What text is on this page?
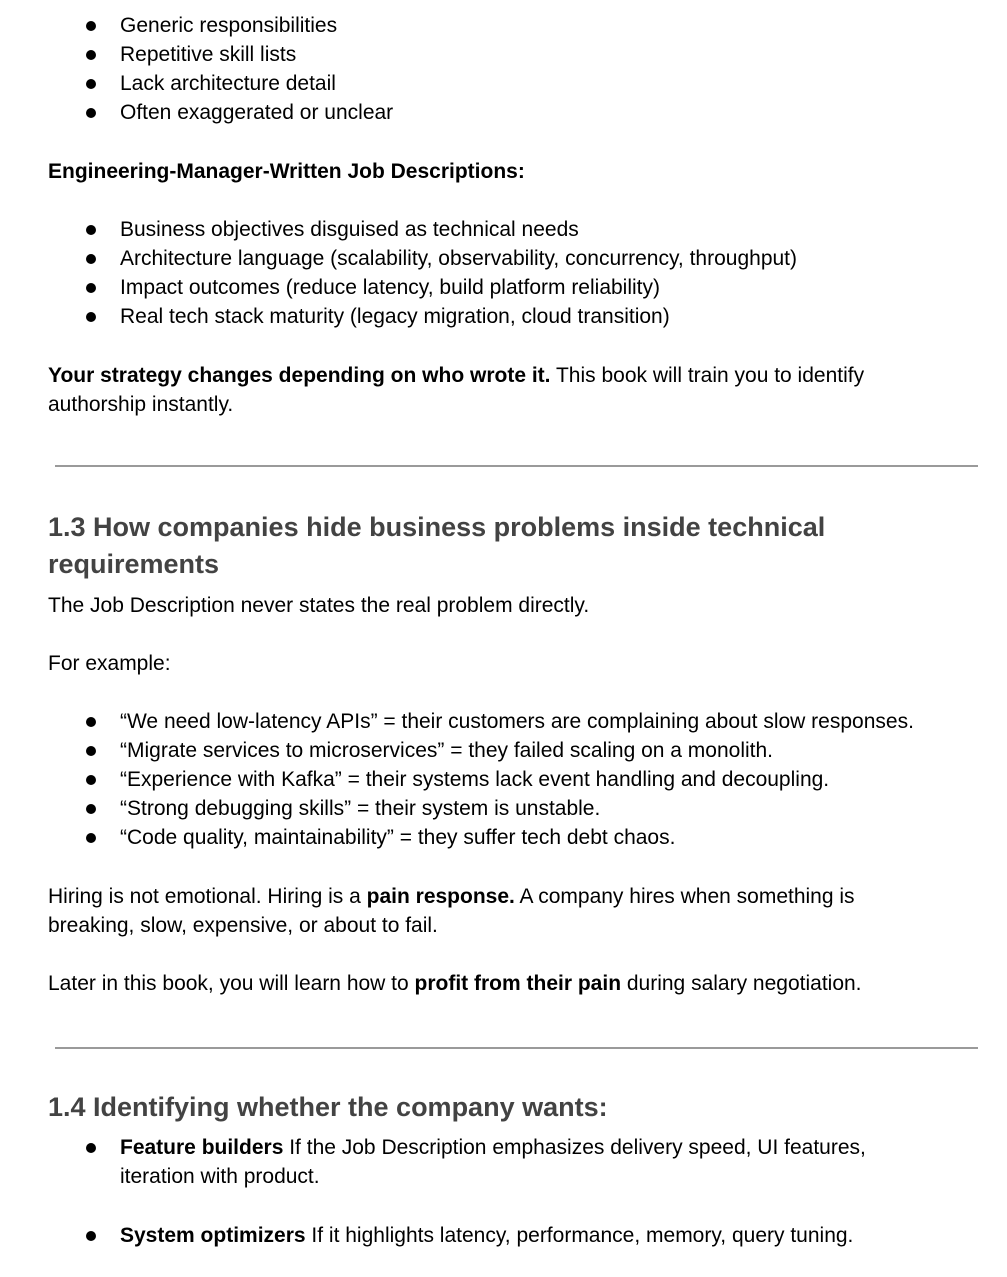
Generic responsibilities
Repetitive skill lists
Lack architecture detail
Often exaggerated or unclear
Engineering-Manager-Written Job Descriptions:
Business objectives disguised as technical needs
Architecture language (scalability, observability, concurrency, throughput)
Impact outcomes (reduce latency, build platform reliability)
Real tech stack maturity (legacy migration, cloud transition)
Your strategy changes depending on who wrote it. This book will train you to identify
authorship instantly.
1.3 How companies hide business problems inside technical
requirements
The Job Description never states the real problem directly.
For example:
“We need low-latency APIs” = their customers are complaining about slow responses.
“Migrate services to microservices” = they failed scaling on a monolith.
“Experience with Kafka” = their systems lack event handling and decoupling.
“Strong debugging skills” = their system is unstable.
“Code quality, maintainability” = they suffer tech debt chaos.
Hiring is not emotional. Hiring is a pain response. A company hires when something is
breaking, slow, expensive, or about to fail.
Later in this book, you will learn how to profit from their pain during salary negotiation.
1.4 Identifying whether the company wants:
Feature builders If the Job Description emphasizes delivery speed, UI features,
iteration with product.
System optimizers If it highlights latency, performance, memory, query tuning.
